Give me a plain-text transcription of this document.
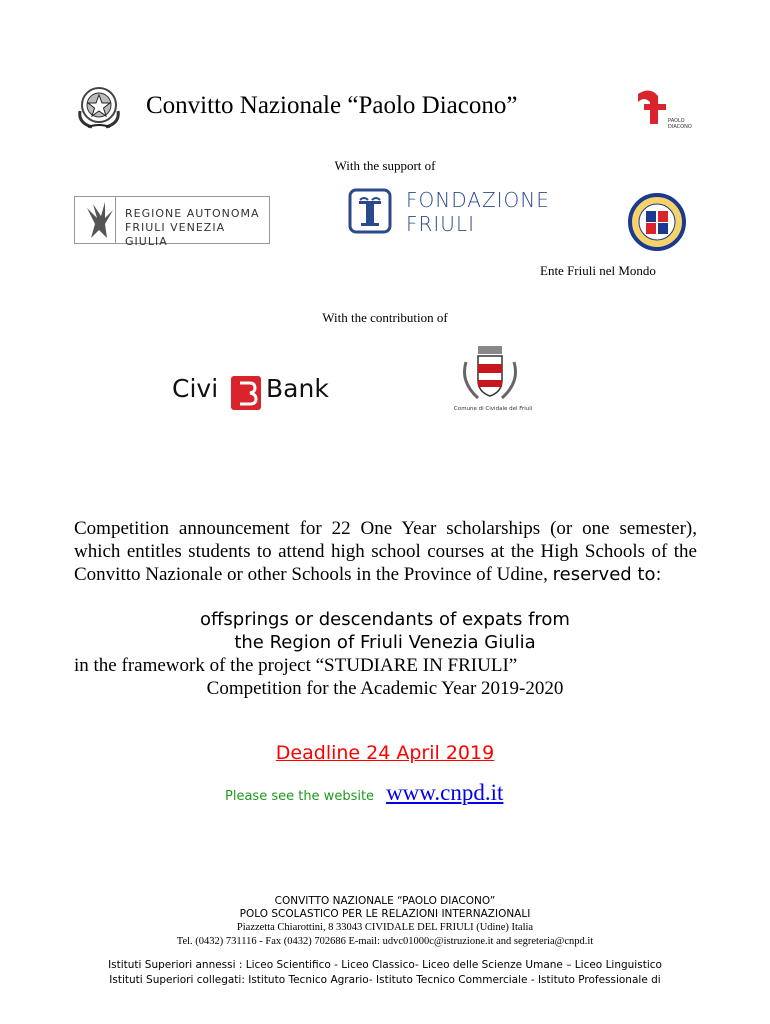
Convitto Nazionale “Paolo Diacono”
PAOLO
DIACONO
With the support of
REGIONE AUTONOMA
FRIULI VENEZIA GIULIA
FONDAZIONE
FRIULI
Ente Friuli nel Mondo
With the contribution of
Civi Bank
Comune di Cividale del Friuli
Competition announcement for 22 One Year scholarships (or one semester), which entitles students to attend high school courses at the High Schools of the Convitto Nazionale or other Schools in the Province of Udine, reserved to:
offsprings or descendants of expats from
the Region of Friuli Venezia Giulia
in the framework of the project “STUDIARE IN FRIULI”
Competition for the Academic Year 2019-2020
Deadline 24 April 2019
Please see the website www.cnpd.it
CONVITTO NAZIONALE “PAOLO DIACONO”
POLO SCOLASTICO PER LE RELAZIONI INTERNAZIONALI
Piazzetta Chiarottini, 8 33043 CIVIDALE DEL FRIULI (Udine) Italia
Tel. (0432) 731116 - Fax (0432) 702686 E-mail: udvc01000c@istruzione.it and segreteria@cnpd.it
Istituti Superiori annessi : Liceo Scientifico - Liceo Classico- Liceo delle Scienze Umane – Liceo Linguistico
Istituti Superiori collegati: Istituto Tecnico Agrario- Istituto Tecnico Commerciale - Istituto Professionale di
